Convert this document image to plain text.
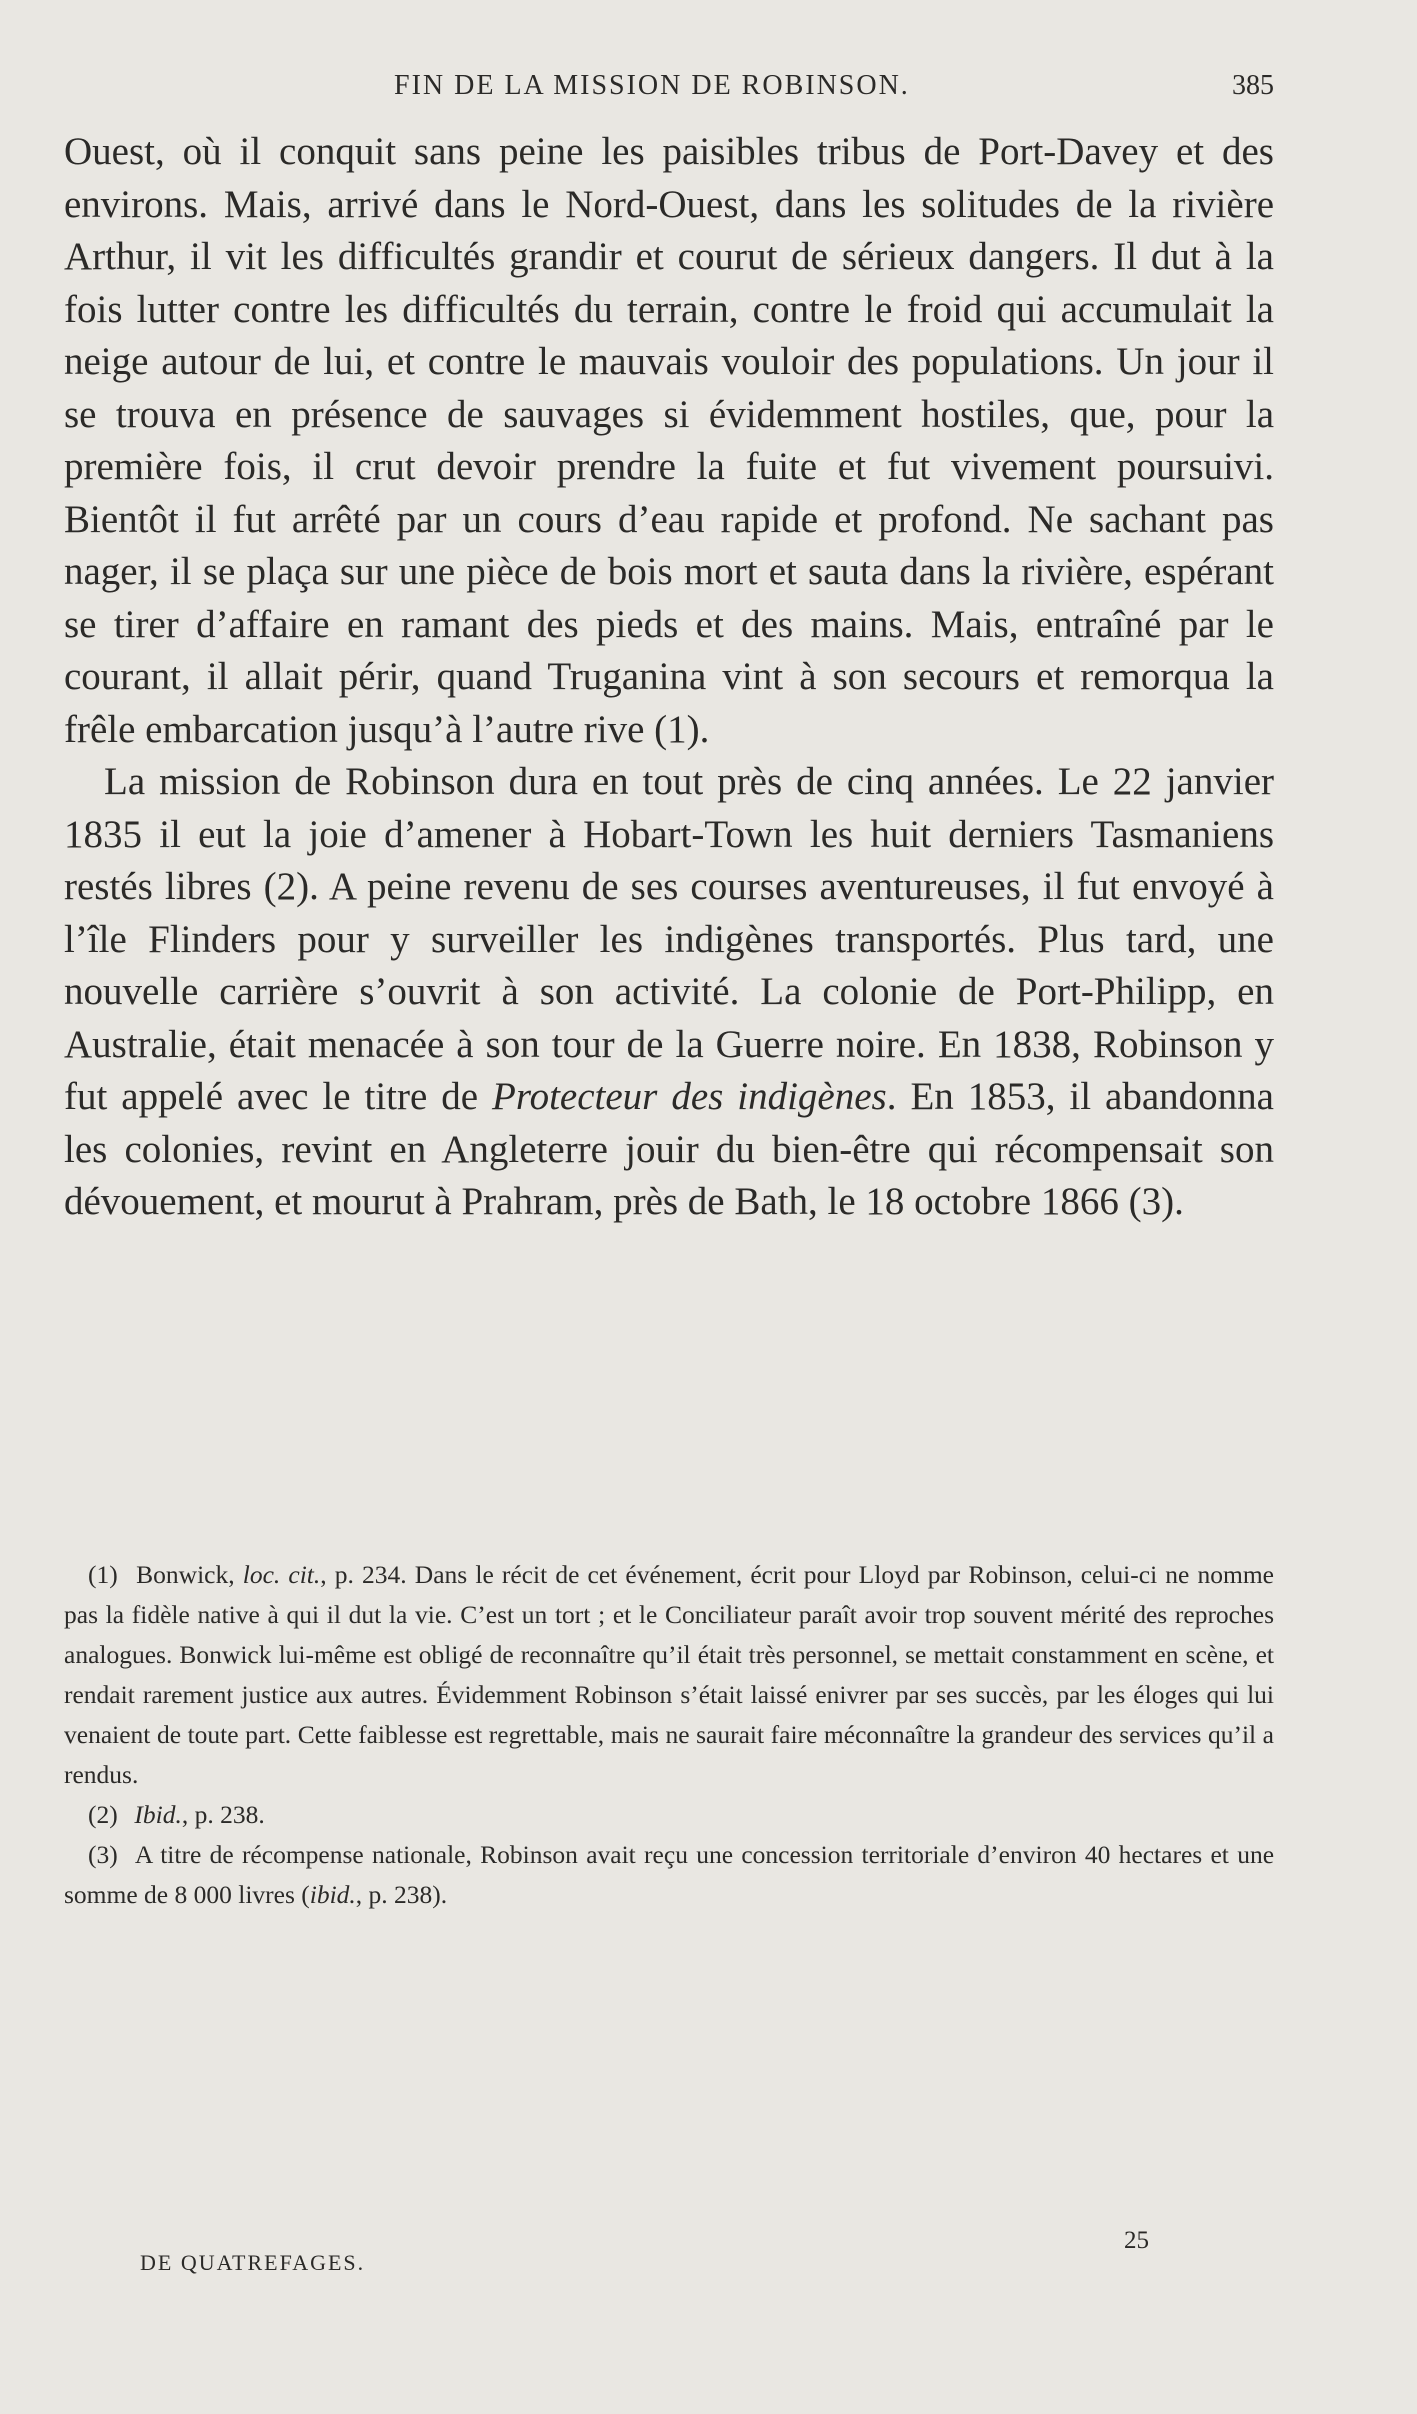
FIN DE LA MISSION DE ROBINSON.	385

Ouest, où il conquit sans peine les paisibles tribus de Port-Davey et des environs. Mais, arrivé dans le Nord-Ouest, dans les solitudes de la rivière Arthur, il vit les difficultés grandir et courut de sérieux dangers. Il dut à la fois lutter contre les difficultés du terrain, contre le froid qui accumulait la neige autour de lui, et contre le mauvais vouloir des populations. Un jour il se trouva en présence de sauvages si évidemment hostiles, que, pour la première fois, il crut devoir prendre la fuite et fut vivement poursuivi. Bientôt il fut arrêté par un cours d’eau rapide et profond. Ne sachant pas nager, il se plaça sur une pièce de bois mort et sauta dans la rivière, espérant se tirer d’affaire en ramant des pieds et des mains. Mais, entraîné par le courant, il allait périr, quand Truganina vint à son secours et remorqua la frêle embarcation jusqu’à l’autre rive (1).

La mission de Robinson dura en tout près de cinq années. Le 22 janvier 1835 il eut la joie d’amener à Hobart-Town les huit derniers Tasmaniens restés libres (2). A peine revenu de ses courses aventureuses, il fut envoyé à l’île Flinders pour y surveiller les indigènes transportés. Plus tard, une nouvelle carrière s’ouvrit à son activité. La colonie de Port-Philipp, en Australie, était menacée à son tour de la Guerre noire. En 1838, Robinson y fut appelé avec le titre de Protecteur des indigènes. En 1853, il abandonna les colonies, revint en Angleterre jouir du bien-être qui récompensait son dévouement, et mourut à Prahram, près de Bath, le 18 octobre 1866 (3).

(1) Bonwick, loc. cit., p. 234. Dans le récit de cet événement, écrit pour Lloyd par Robinson, celui-ci ne nomme pas la fidèle native à qui il dut la vie. C’est un tort ; et le Conciliateur paraît avoir trop souvent mérité des reproches analogues. Bonwick lui-même est obligé de reconnaître qu’il était très personnel, se mettait constamment en scène, et rendait rarement justice aux autres. Évidemment Robinson s’était laissé enivrer par ses succès, par les éloges qui lui venaient de toute part. Cette faiblesse est regrettable, mais ne saurait faire méconnaître la grandeur des services qu’il a rendus.

(2) Ibid., p. 238.

(3) A titre de récompense nationale, Robinson avait reçu une concession territoriale d’environ 40 hectares et une somme de 8 000 livres (ibid., p. 238).

DE QUATREFAGES.
25
